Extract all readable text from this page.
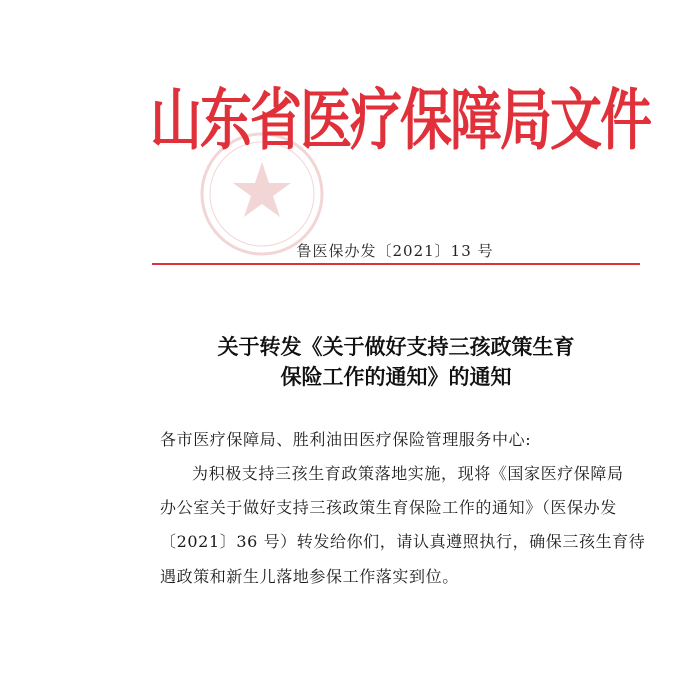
山东省医疗保障局文件
鲁医保办发〔2021〕13 号
关于转发《关于做好支持三孩政策生育
保险工作的通知》的通知
各市医疗保障局、胜利油田医疗保险管理服务中心:
为积极支持三孩生育政策落地实施，现将《国家医疗保障局
办公室关于做好支持三孩政策生育保险工作的通知》（医保办发
〔2021〕36 号）转发给你们，请认真遵照执行，确保三孩生育待
遇政策和新生儿落地参保工作落实到位。
